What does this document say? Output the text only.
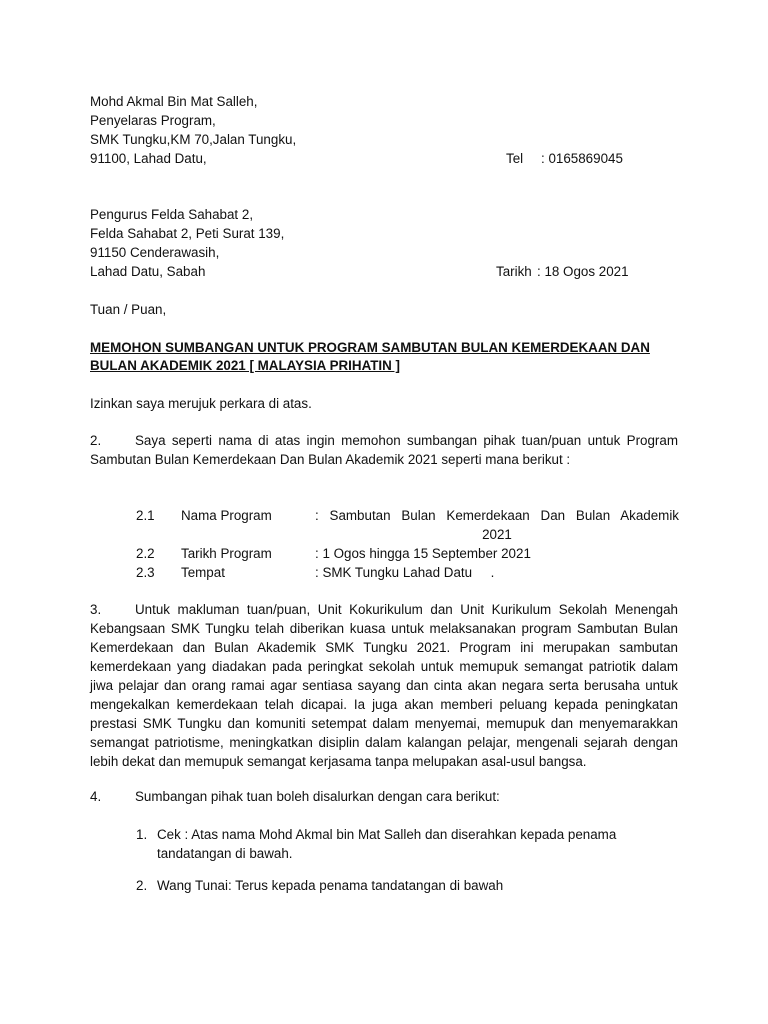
Mohd Akmal Bin Mat Salleh,
Penyelaras Program,
SMK Tungku,KM 70,Jalan Tungku,
91100, Lahad Datu,	Tel : 0165869045
Pengurus Felda Sahabat 2,
Felda Sahabat 2, Peti Surat 139,
91150 Cenderawasih,
Lahad Datu, Sabah	Tarikh : 18 Ogos 2021
Tuan / Puan,
MEMOHON SUMBANGAN UNTUK PROGRAM SAMBUTAN BULAN KEMERDEKAAN DAN
BULAN AKADEMIK 2021 [ MALAYSIA PRIHATIN ]
Izinkan saya merujuk perkara di atas.
2.	Saya seperti nama di atas ingin memohon sumbangan pihak tuan/puan untuk Program Sambutan Bulan Kemerdekaan Dan Bulan Akademik 2021 seperti mana berikut :
2.1 Nama Program	: Sambutan Bulan Kemerdekaan Dan Bulan Akademik
2021
2.2 Tarikh Program	: 1 Ogos hingga 15 September 2021
2.3 Tempat	: SMK Tungku Lahad Datu     .
3.	Untuk makluman tuan/puan, Unit Kokurikulum dan Unit Kurikulum Sekolah Menengah Kebangsaan SMK Tungku telah diberikan kuasa untuk melaksanakan program Sambutan Bulan Kemerdekaan dan Bulan Akademik SMK Tungku 2021. Program ini merupakan sambutan kemerdekaan yang diadakan pada peringkat sekolah untuk memupuk semangat patriotik dalam jiwa pelajar dan orang ramai agar sentiasa sayang dan cinta akan negara serta berusaha untuk mengekalkan kemerdekaan telah dicapai. Ia juga akan memberi peluang kepada peningkatan prestasi SMK Tungku dan komuniti setempat dalam menyemai, memupuk dan menyemarakkan semangat patriotisme, meningkatkan disiplin dalam kalangan pelajar, mengenali sejarah dengan lebih dekat dan memupuk semangat kerjasama tanpa melupakan asal-usul bangsa.
4.	Sumbangan pihak tuan boleh disalurkan dengan cara berikut:
1. Cek : Atas nama Mohd Akmal bin Mat Salleh dan diserahkan kepada penama tandatangan di bawah.
2. Wang Tunai: Terus kepada penama tandatangan di bawah
